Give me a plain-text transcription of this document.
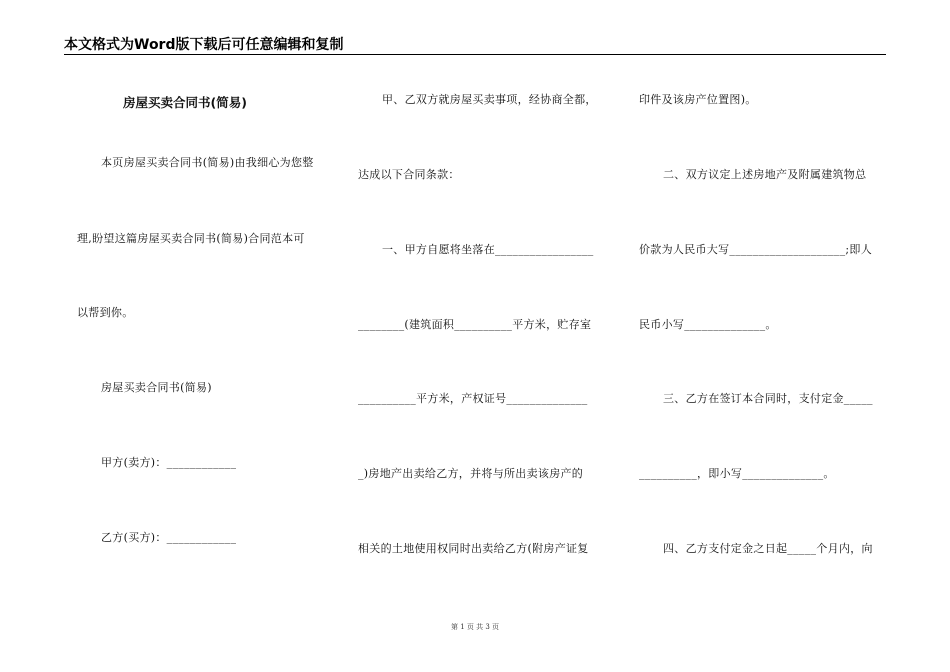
本文格式为Word版下载后可任意编辑和复制
房屋买卖合同书(简易)
本页房屋买卖合同书(简易)由我细心为您整
理,盼望这篇房屋买卖合同书(简易)合同范本可
以帮到你。
房屋买卖合同书(简易)
甲方(卖方)：____________
乙方(买方)：____________
甲、乙双方就房屋买卖事项，经协商全都，
达成以下合同条款：
一、甲方自愿将坐落在_________________
________(建筑面积__________平方米，贮存室
__________平方米，产权证号______________
_)房地产出卖给乙方，并将与所出卖该房产的
相关的土地使用权同时出卖给乙方(附房产证复
印件及该房产位置图)。
二、双方议定上述房地产及附属建筑物总
价款为人民币大写____________________;即人
民币小写______________。
三、乙方在签订本合同时，支付定金_____
__________，即小写______________。
四、乙方支付定金之日起_____个月内，向
第 1 页 共 3 页
